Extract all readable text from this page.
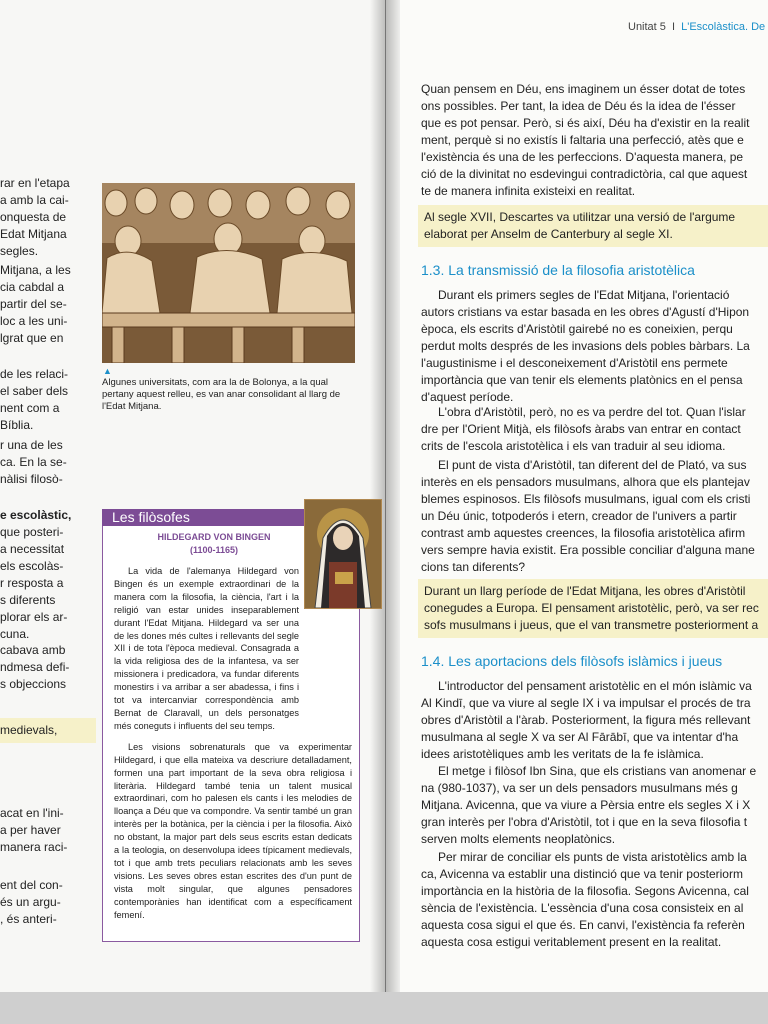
rar en l'etapa
a amb la cai-
onquesta de
Edat Mitjana
segles.
Mitjana, a les
cia cabdal a
partir del se-
loc a les uni-
lgrat que en
de les relaci-
el saber dels
nent com a
Bíblia.
r una de les
ca. En la se-
nàlisi filosò-
e escolàstic,
que posteri-
a necessitat
els escolàs-
r resposta a
s diferents
plorar els ar-
cuna.
cabava amb
ndmesa defi-
s objeccions
medievals,
acat en l'ini-
a per haver
manera raci-
ent del con-
és un argu-
, és anteri-
▲
Algunes universitats, com ara la de Bolonya, a la qual pertany aquest relleu, es van anar consolidant al llarg de l'Edat Mitjana.
Les filòsofes
HILDEGARD VON BINGEN
(1100-1165)

La vida de l'alemanya Hildegard von Bingen és un exemple extraordinari de la manera com la filosofia, la ciència, l'art i la religió van estar unides inseparablement durant l'Edat Mitjana. Hildegard va ser una de les dones més cultes i rellevants del segle XII i de tota l'època medieval. Consagrada a la vida religiosa des de la infantesa, va ser missionera i predicadora, va fundar diferents monestirs i va arribar a ser abadessa, i fins i tot va intercanviar correspondència amb Bernat de Claravall, un dels personatges més coneguts i influents del seu temps.

Les visions sobrenaturals que va experimentar Hildegard, i que ella mateixa va descriure detalladament, formen una part important de la seva obra religiosa i literària. Hildegard també tenia un talent musical extraordinari, com ho palesen els cants i les melodies de lloança a Déu que va compondre. Va sentir també un gran interès per la botànica, per la ciència i per la filosofia. Això no obstant, la major part dels seus escrits estan dedicats a la teologia, on desenvolupa idees típicament medievals, tot i que amb trets peculiars relacionats amb les seves visions. Les seves obres estan escrites des d'un punt de vista molt singular, que algunes pensadores contemporànies han identificat com a específicament femení.

Unitat 5 I L'Escolàstica. De
Quan pensem en Déu, ens imaginem un ésser dotat de totes
ons possibles. Per tant, la idea de Déu és la idea de l'ésser
que es pot pensar. Però, si és així, Déu ha d'existir en la realit
ment, perquè si no existís li faltaria una perfecció, atès que e
l'existència és una de les perfeccions. D'aquesta manera, pe
ció de la divinitat no esdevingui contradictòria, cal que aquest
te de manera infinita existeixi en realitat.
Al segle XVII, Descartes va utilitzar una versió de l'argume
elaborat per Anselm de Canterbury al segle XI.
1.3. La transmissió de la filosofia aristotèlica
Durant els primers segles de l'Edat Mitjana, l'orientació
autors cristians va estar basada en les obres d'Agustí d'Hipon
època, els escrits d'Aristòtil gairebé no es coneixien, perqu
perdut molts després de les invasions dels pobles bàrbars. La
l'augustinisme i el desconeixement d'Aristòtil ens permete
importància que van tenir els elements platònics en el pensa
d'aquest període.
L'obra d'Aristòtil, però, no es va perdre del tot. Quan l'islar
dre per l'Orient Mitjà, els filòsofs àrabs van entrar en contact
crits de l'escola aristotèlica i els van traduir al seu idioma.
El punt de vista d'Aristòtil, tan diferent del de Plató, va sus
interès en els pensadors musulmans, alhora que els plantejav
blemes espinosos. Els filòsofs musulmans, igual com els cristi
un Déu únic, totpoderós i etern, creador de l'univers a partir
contrast amb aquestes creences, la filosofia aristotèlica afirm
vers sempre havia existit. Era possible conciliar d'alguna mane
cions tan diferents?
Durant un llarg període de l'Edat Mitjana, les obres d'Aristòtil
conegudes a Europa. El pensament aristotèlic, però, va ser rec
sofs musulmans i jueus, que el van transmetre posteriorment a
1.4. Les aportacions dels filòsofs islàmics i jueus
L'introductor del pensament aristotèlic en el món islàmic va
Al Kindī, que va viure al segle IX i va impulsar el procés de tra
obres d'Aristòtil a l'àrab. Posteriorment, la figura més rellevant
musulmana al segle X va ser Al Fārābī, que va intentar d'ha
idees aristotèliques amb les veritats de la fe islàmica.
El metge i filòsof Ibn Sina, que els cristians van anomenar e
na (980-1037), va ser un dels pensadors musulmans més g
Mitjana. Avicenna, que va viure a Pèrsia entre els segles X i X
gran interès per l'obra d'Aristòtil, tot i que en la seva filosofia t
serven molts elements neoplatònics.
Per mirar de conciliar els punts de vista aristotèlics amb la
ca, Avicenna va establir una distinció que va tenir posteriorm
importància en la història de la filosofia. Segons Avicenna, cal
sència de l'existència. L'essència d'una cosa consisteix en al
aquesta cosa sigui el que és. En canvi, l'existència fa referèn
aquesta cosa estigui veritablement present en la realitat.
